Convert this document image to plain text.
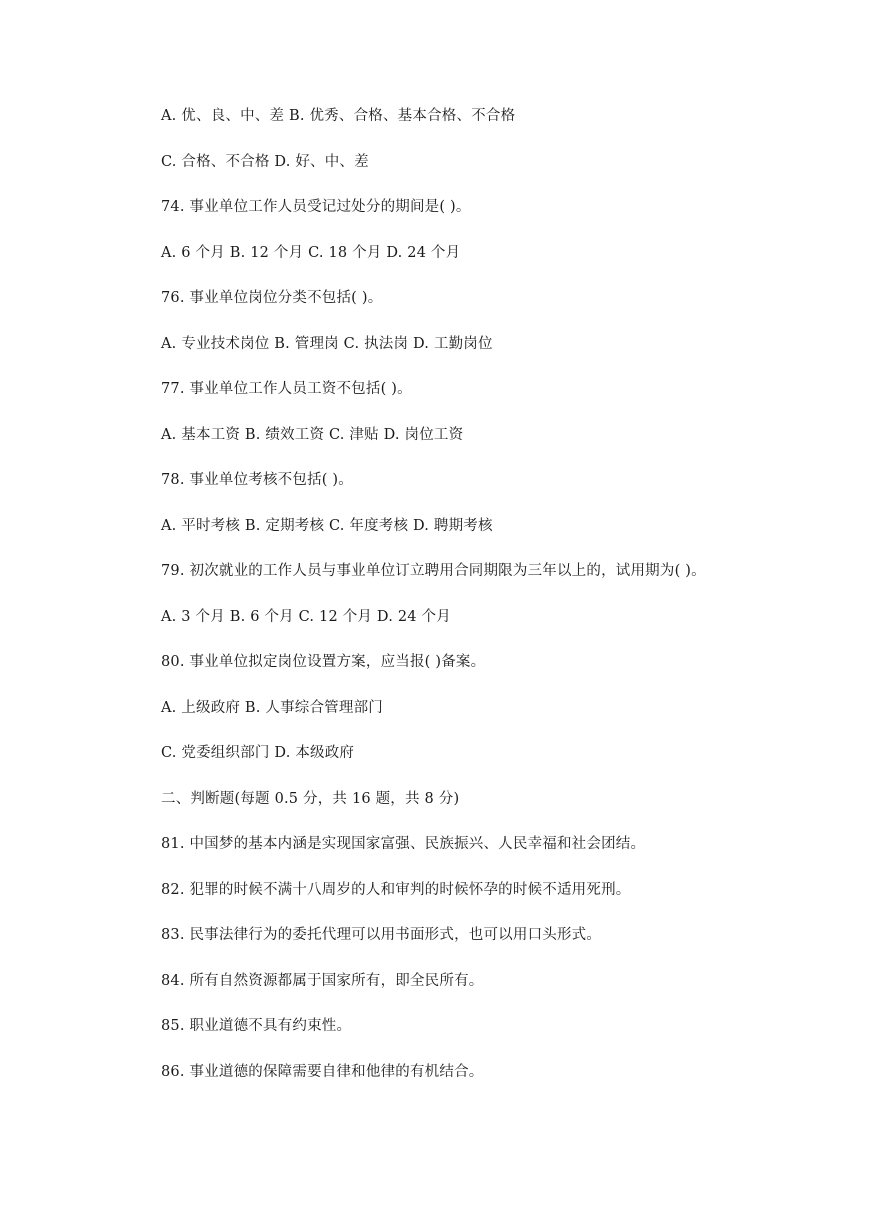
A. 优、良、中、差 B. 优秀、合格、基本合格、不合格
C. 合格、不合格 D. 好、中、差
74. 事业单位工作人员受记过处分的期间是( )。
A. 6 个月 B. 12 个月 C. 18 个月 D. 24 个月
76. 事业单位岗位分类不包括( )。
A. 专业技术岗位 B. 管理岗 C. 执法岗 D. 工勤岗位
77. 事业单位工作人员工资不包括( )。
A. 基本工资 B. 绩效工资 C. 津贴 D. 岗位工资
78. 事业单位考核不包括( )。
A. 平时考核 B. 定期考核 C. 年度考核 D. 聘期考核
79. 初次就业的工作人员与事业单位订立聘用合同期限为三年以上的，试用期为( )。
A. 3 个月 B. 6 个月 C. 12 个月 D. 24 个月
80. 事业单位拟定岗位设置方案，应当报( )备案。
A. 上级政府 B. 人事综合管理部门
C. 党委组织部门 D. 本级政府
二、判断题(每题 0.5 分，共 16 题，共 8 分)
81. 中国梦的基本内涵是实现国家富强、民族振兴、人民幸福和社会团结。
82. 犯罪的时候不满十八周岁的人和审判的时候怀孕的时候不适用死刑。
83. 民事法律行为的委托代理可以用书面形式，也可以用口头形式。
84. 所有自然资源都属于国家所有，即全民所有。
85. 职业道德不具有约束性。
86. 事业道德的保障需要自律和他律的有机结合。
